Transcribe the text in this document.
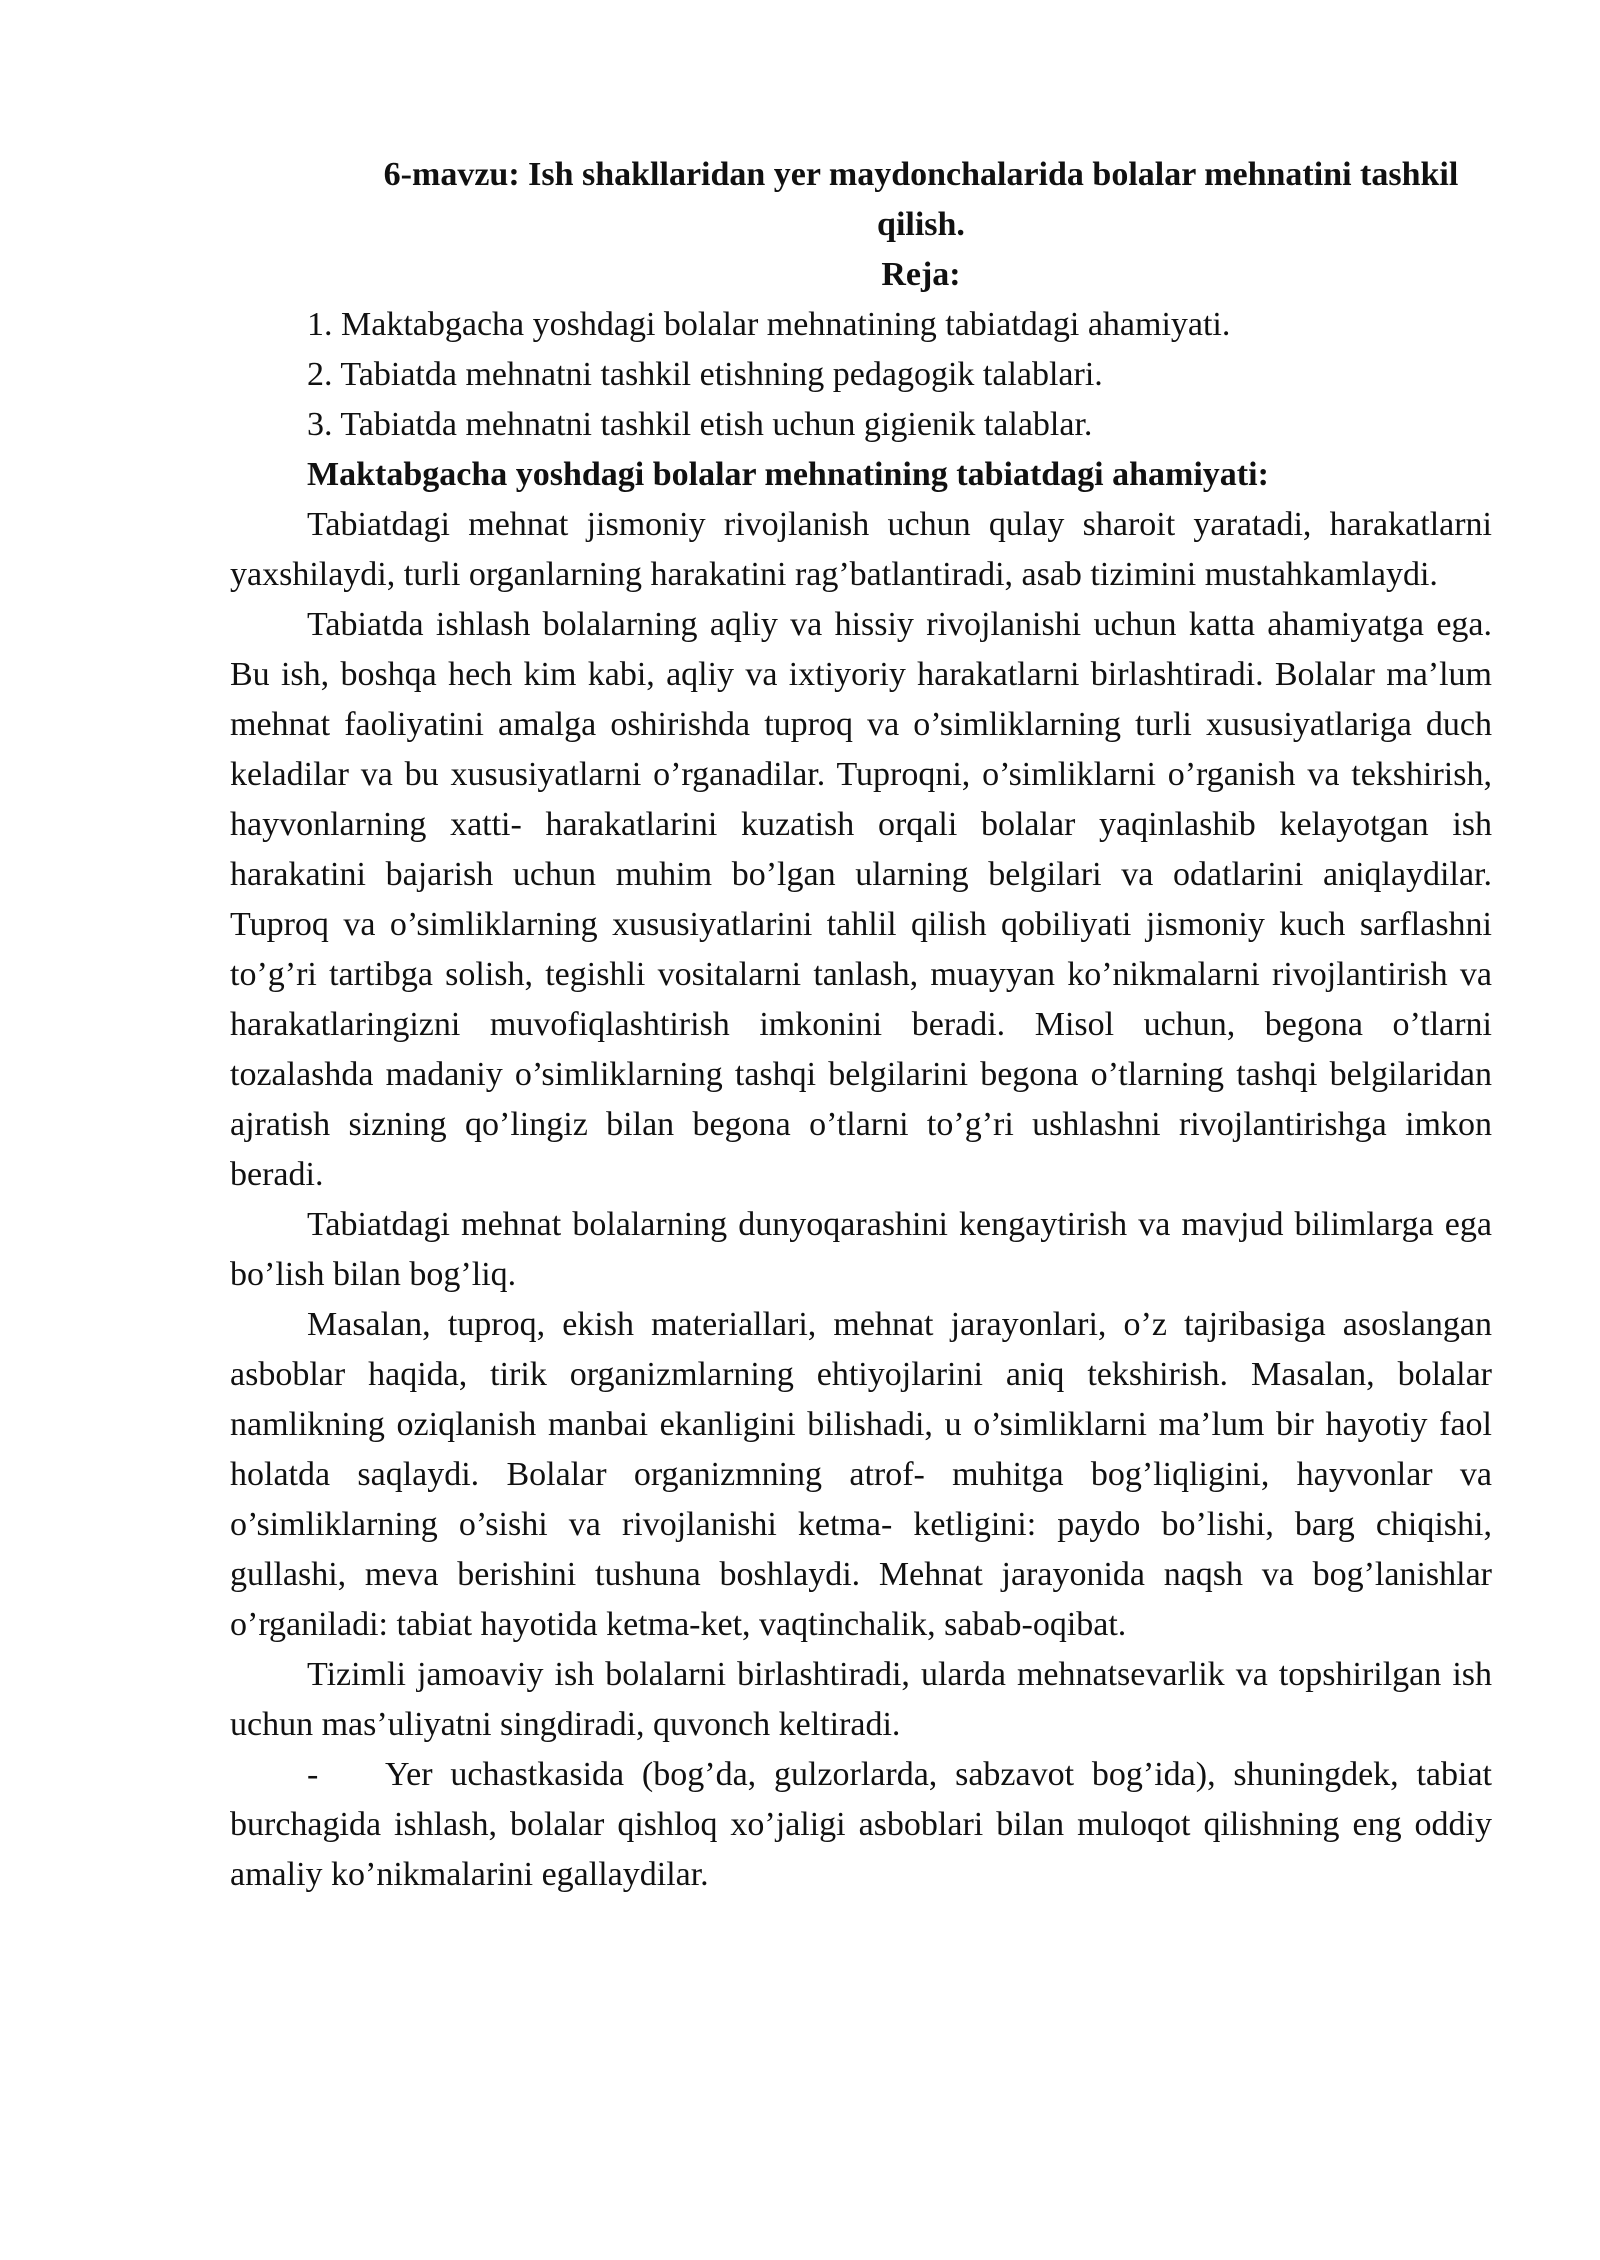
6-mavzu: Ish shakllaridan yer maydonchalarida bolalar mehnatini tashkil qilish.

Reja:

1. Maktabgacha yoshdagi bolalar mehnatining tabiatdagi ahamiyati.
2. Tabiatda mehnatni tashkil etishning pedagogik talablari.
3. Tabiatda mehnatni tashkil etish uchun gigienik talablar.

Maktabgacha yoshdagi bolalar mehnatining tabiatdagi ahamiyati:

Tabiatdagi mehnat jismoniy rivojlanish uchun qulay sharoit yaratadi, harakatlarni yaxshilaydi, turli organlarning harakatini rag’batlantiradi, asab tizimini mustahkamlaydi.

Tabiatda ishlash bolalarning aqliy va hissiy rivojlanishi uchun katta ahamiyatga ega. Bu ish, boshqa hech kim kabi, aqliy va ixtiyoriy harakatlarni birlashtiradi. Bolalar ma’lum mehnat faoliyatini amalga oshirishda tuproq va o’simliklarning turli xususiyatlariga duch keladilar va bu xususiyatlarni o’rganadilar. Tuproqni, o’simliklarni o’rganish va tekshirish, hayvonlarning xatti- harakatlarini kuzatish orqali bolalar yaqinlashib kelayotgan ish harakatini bajarish uchun muhim bo’lgan ularning belgilari va odatlarini aniqlaydilar. Tuproq va o’simliklarning xususiyatlarini tahlil qilish qobiliyati jismoniy kuch sarflashni to’g’ri tartibga solish, tegishli vositalarni tanlash, muayyan ko’nikmalarni rivojlantirish va harakatlaringizni muvofiqlashtirish imkonini beradi. Misol uchun, begona o’tlarni tozalashda madaniy o’simliklarning tashqi belgilarini begona o’tlarning tashqi belgilaridan ajratish sizning qo’lingiz bilan begona o’tlarni to’g’ri ushlashni rivojlantirishga imkon beradi.

Tabiatdagi mehnat bolalarning dunyoqarashini kengaytirish va mavjud bilimlarga ega bo’lish bilan bog’liq.

Masalan, tuproq, ekish materiallari, mehnat jarayonlari, o’z tajribasiga asoslangan asboblar haqida, tirik organizmlarning ehtiyojlarini aniq tekshirish. Masalan, bolalar namlikning oziqlanish manbai ekanligini bilishadi, u o’simliklarni ma’lum bir hayotiy faol holatda saqlaydi. Bolalar organizmning atrof- muhitga bog’liqligini, hayvonlar va o’simliklarning o’sishi va rivojlanishi ketma- ketligini: paydo bo’lishi, barg chiqishi, gullashi, meva berishini tushuna boshlaydi. Mehnat jarayonida naqsh va bog’lanishlar o’rganiladi: tabiat hayotida ketma-ket, vaqtinchalik, sabab-oqibat.

Tizimli jamoaviy ish bolalarni birlashtiradi, ularda mehnatsevarlik va topshirilgan ish uchun mas’uliyatni singdiradi, quvonch keltiradi.

- Yer uchastkasida (bog’da, gulzorlarda, sabzavot bog’ida), shuningdek, tabiat burchagida ishlash, bolalar qishloq xo’jaligi asboblari bilan muloqot qilishning eng oddiy amaliy ko’nikmalarini egallaydilar.
